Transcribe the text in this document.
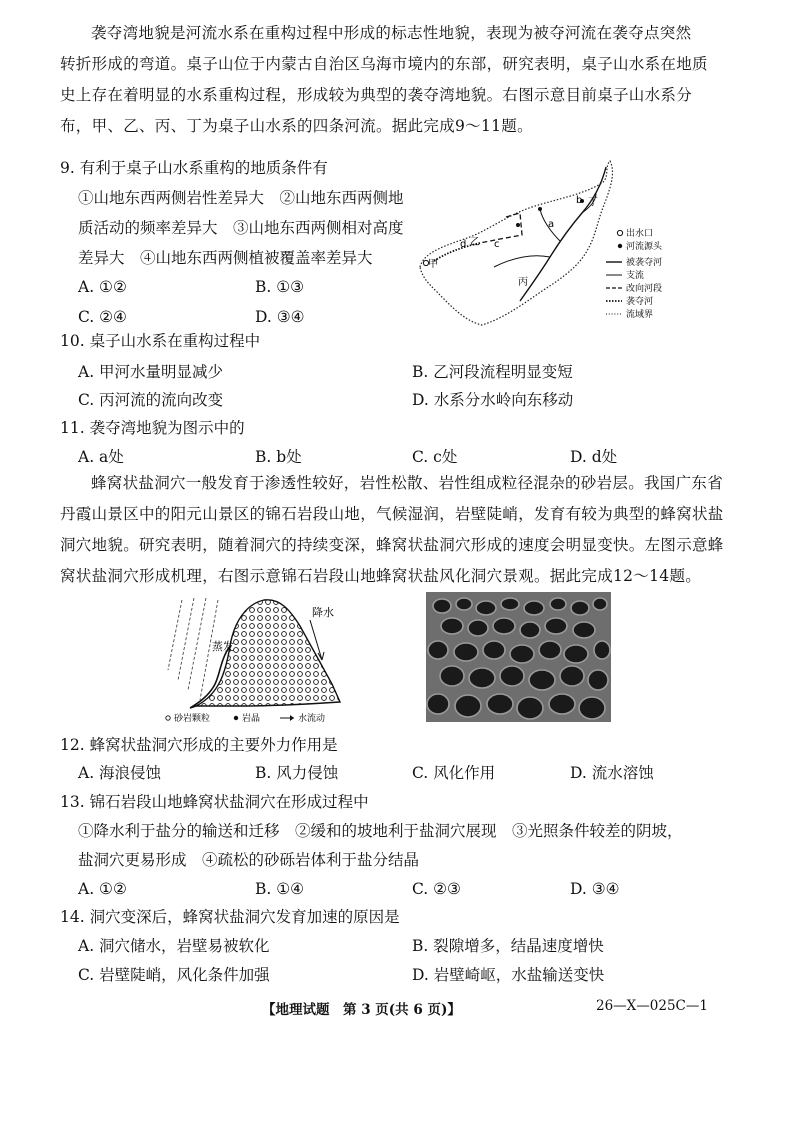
袭夺湾地貌是河流水系在重构过程中形成的标志性地貌，表现为被夺河流在袭夺点突然
转折形成的弯道。桌子山位于内蒙古自治区乌海市境内的东部，研究表明，桌子山水系在地质
史上存在着明显的水系重构过程，形成较为典型的袭夺湾地貌。右图示意目前桌子山水系分
布，甲、乙、丙、丁为桌子山水系的四条河流。据此完成9～11题。
9. 有利于桌子山水系重构的地质条件有
①山地东西两侧岩性差异大　②山地东西两侧地
质活动的频率差异大　③山地东西两侧相对高度
差异大　④山地东西两侧植被覆盖率差异大
A. ①②	B. ①③
C. ②④	D. ③④
甲
乙
丙
丁
a
b
c
d
出水口
河流源头
被袭夺河
支流
改向河段
袭夺河
流域界
10. 桌子山水系在重构过程中
A. 甲河水量明显减少	B. 乙河段流程明显变短
C. 丙河流的流向改变	D. 水系分水岭向东移动
11. 袭夺湾地貌为图示中的
A. a处	B. b处	C. c处	D. d处
蜂窝状盐洞穴一般发育于渗透性较好，岩性松散、岩性组成粒径混杂的砂岩层。我国广东省
丹霞山景区中的阳元山景区的锦石岩段山地，气候湿润，岩壁陡峭，发育有较为典型的蜂窝状盐
洞穴地貌。研究表明，随着洞穴的持续变深，蜂窝状盐洞穴形成的速度会明显变快。左图示意蜂
窝状盐洞穴形成机理，右图示意锦石岩段山地蜂窝状盐风化洞穴景观。据此完成12～14题。
降水
蒸发
砂岩颗粒	岩晶	水流动
12. 蜂窝状盐洞穴形成的主要外力作用是
A. 海浪侵蚀	B. 风力侵蚀	C. 风化作用	D. 流水溶蚀
13. 锦石岩段山地蜂窝状盐洞穴在形成过程中
①降水利于盐分的输送和迁移　②缓和的坡地利于盐洞穴展现　③光照条件较差的阴坡，
盐洞穴更易形成　④疏松的砂砾岩体利于盐分结晶
A. ①②	B. ①④	C. ②③	D. ③④
14. 洞穴变深后，蜂窝状盐洞穴发育加速的原因是
A. 洞穴储水，岩壁易被软化	B. 裂隙增多，结晶速度增快
C. 岩壁陡峭，风化条件加强	D. 岩壁崎岖，水盐输送变快
【地理试题　第 3 页(共 6 页)】	26—X—025C—1
